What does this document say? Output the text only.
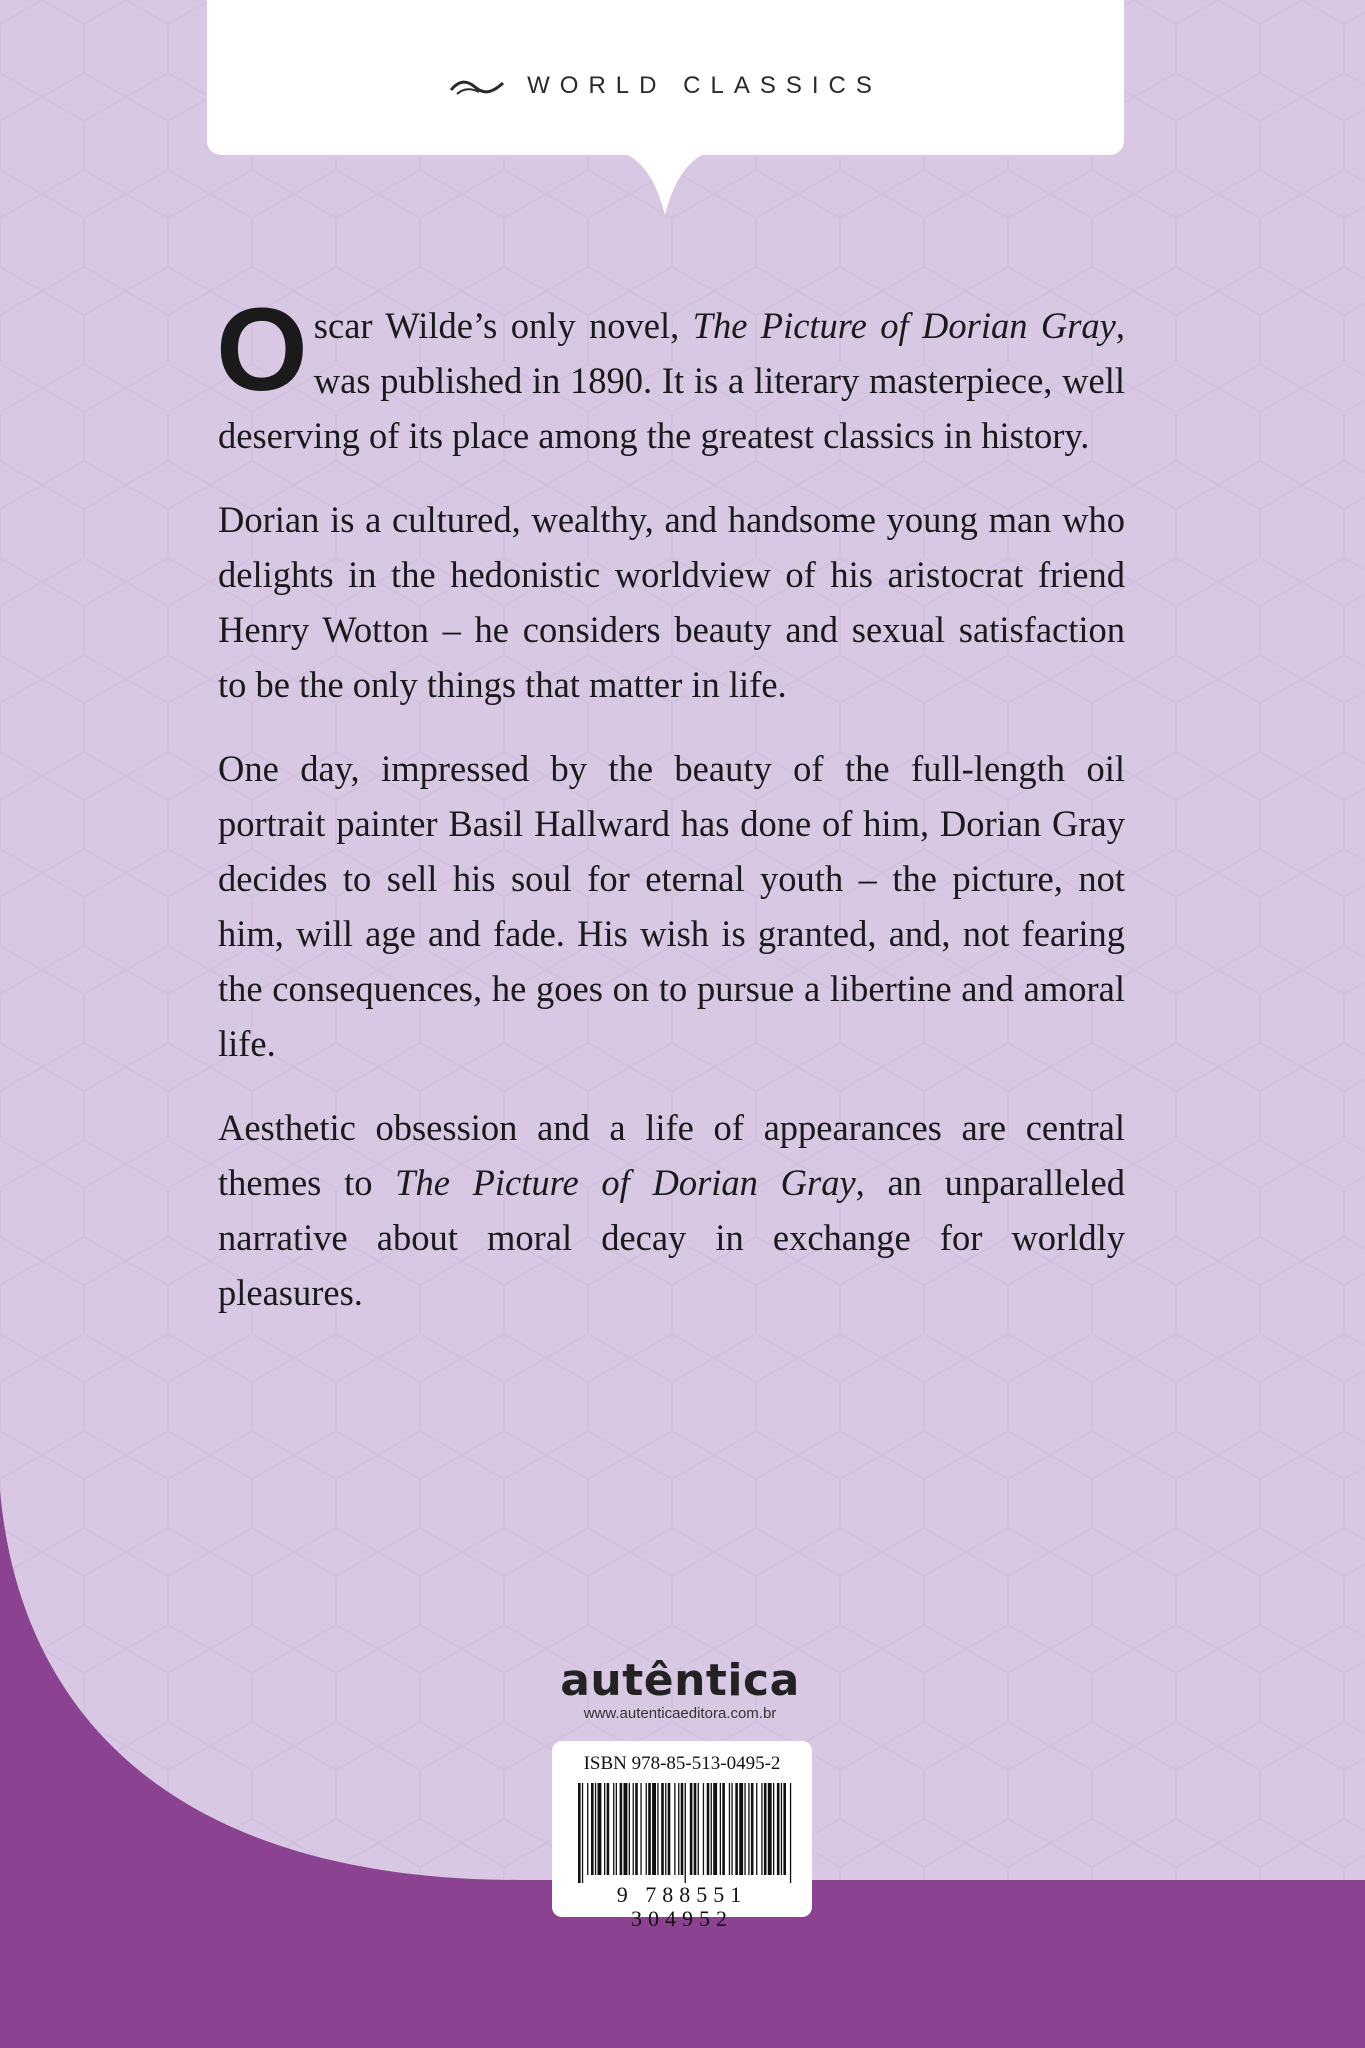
WORLD CLASSICS

Oscar Wilde’s only novel, The Picture of Dorian Gray, was published in 1890. It is a literary masterpiece, well deserving of its place among the greatest classics in history.

Dorian is a cultured, wealthy, and handsome young man who delights in the hedonistic worldview of his aristocrat friend Henry Wotton – he considers beauty and sexual satisfaction to be the only things that matter in life.

One day, impressed by the beauty of the full-length oil portrait painter Basil Hallward has done of him, Dorian Gray decides to sell his soul for eternal youth – the picture, not him, will age and fade. His wish is granted, and, not fearing the consequences, he goes on to pursue a libertine and amoral life.

Aesthetic obsession and a life of appearances are central themes to The Picture of Dorian Gray, an unparalleled narrative about moral decay in exchange for worldly pleasures.

autêntica
www.autenticaeditora.com.br
ISBN 978-85-513-0495-2
9 788551 304952
